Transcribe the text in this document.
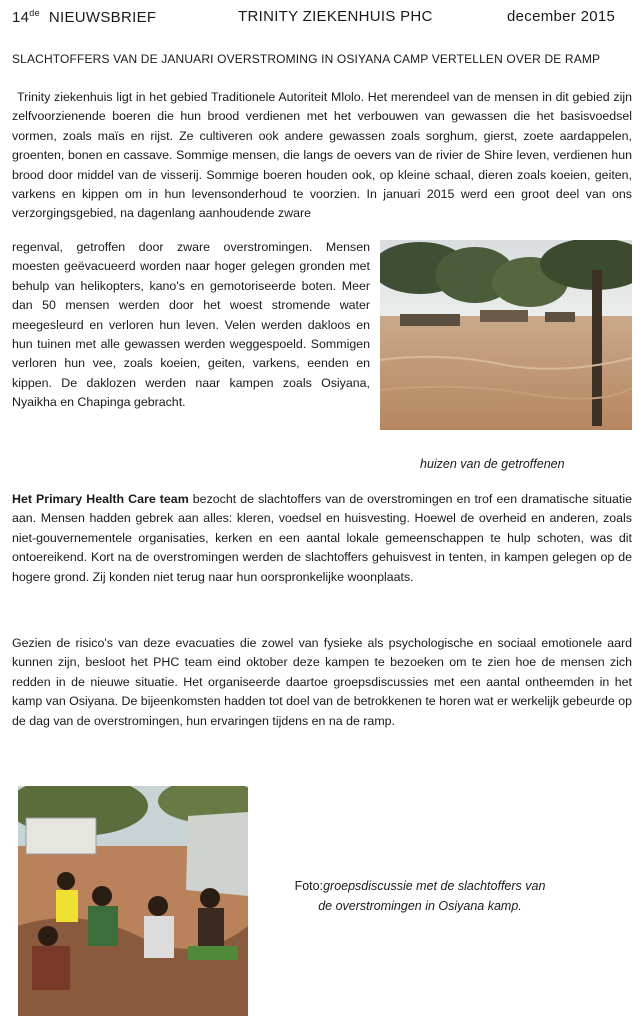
14de NIEUWSBRIEF	TRINITY ZIEKENHUIS PHC	december 2015
SLACHTOFFERS VAN DE JANUARI OVERSTROMING IN OSIYANA CAMP VERTELLEN OVER DE RAMP

Trinity ziekenhuis ligt in het gebied Traditionele Autoriteit Mlolo. Het merendeel van de mensen in dit gebied zijn zelfvoorzienende boeren die hun brood verdienen met het verbouwen van gewassen die het basisvoedsel vormen, zoals maïs en rijst. Ze cultiveren ook andere gewassen zoals sorghum, gierst, zoete aardappelen, groenten, bonen en cassave. Sommige mensen, die langs de oevers van de rivier de Shire leven, verdienen hun brood door middel van de visserij. Sommige boeren houden ook, op kleine schaal, dieren zoals koeien, geiten, varkens en kippen om in hun levensonderhoud te voorzien. In januari 2015 werd een groot deel van ons verzorgingsgebied, na dagenlang aanhoudende zware

regenval, getroffen door zware overstromingen. Mensen moesten geëvacueerd worden naar hoger gelegen gronden met behulp van helikopters, kano's en gemotoriseerde boten. Meer dan 50 mensen werden door het woest stromende water meegesleurd en verloren hun leven. Velen werden dakloos en hun tuinen met alle gewassen werden weggespoeld. Sommigen verloren hun vee, zoals koeien, geiten, varkens, eenden en kippen. De daklozen werden naar kampen zoals Osiyana, Nyaikha en Chapinga gebracht.

huizen van de getroffenen

Het Primary Health Care team bezocht de slachtoffers van de overstromingen en trof een dramatische situatie aan. Mensen hadden gebrek aan alles: kleren, voedsel en huisvesting. Hoewel de overheid en anderen, zoals niet-gouvernementele organisaties, kerken en een aantal lokale gemeenschappen te hulp schoten, was dit ontoereikend. Kort na de overstromingen werden de slachtoffers gehuisvest in tenten, in kampen gelegen op de hogere grond. Zij konden niet terug naar hun oorspronkelijke woonplaats.

Gezien de risico's van deze evacuaties die zowel van fysieke als psychologische en sociaal emotionele aard kunnen zijn, besloot het PHC team eind oktober deze kampen te bezoeken om te zien hoe de mensen zich redden in de nieuwe situatie. Het organiseerde daartoe groepsdiscussies met een aantal ontheemden in het kamp van Osiyana. De bijeenkomsten hadden tot doel van de betrokkenen te horen wat er werkelijk gebeurde op de dag van de overstromingen, hun ervaringen tijdens en na de ramp.

Foto:groepsdiscussie met de slachtoffers van
de overstromingen in Osiyana kamp.
